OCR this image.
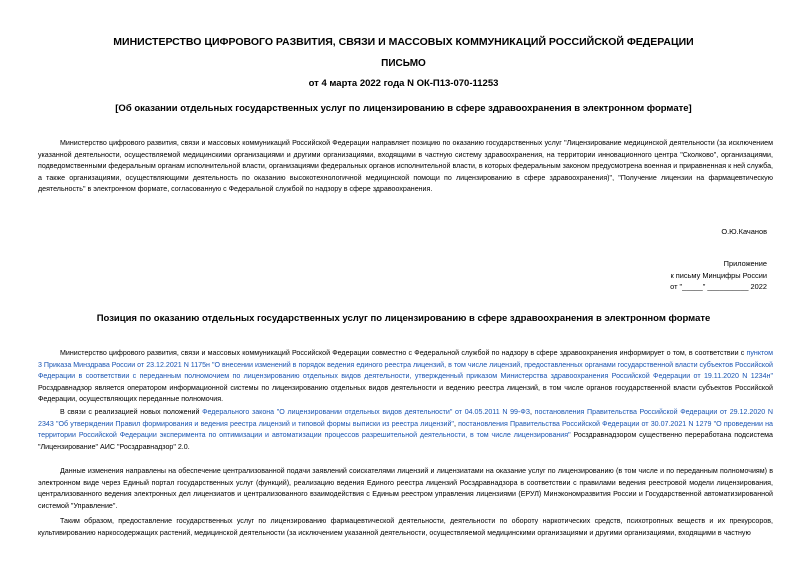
МИНИСТЕРСТВО ЦИФРОВОГО РАЗВИТИЯ, СВЯЗИ И МАССОВЫХ КОММУНИКАЦИЙ РОССИЙСКОЙ ФЕДЕРАЦИИ
ПИСЬМО
от 4 марта 2022 года N ОК-П13-070-11253
[Об оказании отдельных государственных услуг по лицензированию в сфере здравоохранения в электронном формате]
Министерство цифрового развития, связи и массовых коммуникаций Российской Федерации направляет позицию по оказанию государственных услуг "Лицензирование медицинской деятельности (за исключением указанной деятельности, осуществляемой медицинскими организациями и другими организациями, входящими в частную систему здравоохранения, на территории инновационного центра "Сколково", организациями, подведомственными федеральным органам исполнительной власти, организациями федеральных органов исполнительной власти, в которых федеральным законом предусмотрена военная и приравненная к ней служба, а также организациями, осуществляющими деятельность по оказанию высокотехнологичной медицинской помощи по лицензированию в сфере здравоохранения)", "Получение лицензии на фармацевтическую деятельность" в электронном формате, согласованную с Федеральной службой по надзору в сфере здравоохранения.
О.Ю.Качанов
Приложение
к письму Минцифры России
от "_____" __________ 2022
Позиция по оказанию отдельных государственных услуг по лицензированию в сфере здравоохранения в электронном формате
Министерство цифрового развития, связи и массовых коммуникаций Российской Федерации совместно с Федеральной службой по надзору в сфере здравоохранения информирует о том, в соответствии с пунктом 3 Приказа Минздрава России от 23.12.2021 N 1175н "О внесении изменений в порядок ведения единого реестра лицензий, в том числе лицензий, предоставленных органами государственной власти субъектов Российской Федерации в соответствии с переданным полномочием по лицензированию отдельных видов деятельности, утвержденный приказом Министерства здравоохранения Российской Федерации от 19.11.2020 N 1234н" Росздравнадзор является оператором информационной системы по лицензированию отдельных видов деятельности и ведению реестра лицензий, в том числе органов государственной власти субъектов Российской Федерации, осуществляющих переданные полномочия.
В связи с реализацией новых положений Федерального закона "О лицензировании отдельных видов деятельности" от 04.05.2011 N 99-ФЗ, постановления Правительства Российской Федерации от 29.12.2020 N 2343 "Об утверждении Правил формирования и ведения реестра лицензий и типовой формы выписки из реестра лицензий", постановления Правительства Российской Федерации от 30.07.2021 N 1279 "О проведении на территории Российской Федерации эксперимента по оптимизации и автоматизации процессов разрешительной деятельности, в том числе лицензирования" Росздравнадзором существенно переработана подсистема "Лицензирование" АИС "Росздравнадзор" 2.0.
Данные изменения направлены на обеспечение централизованной подачи заявлений соискателями лицензий и лицензиатами на оказание услуг по лицензированию (в том числе и по переданным полномочиям) в электронном виде через Единый портал государственных услуг (функций), реализацию ведения Единого реестра лицензий Росздравнадзора в соответствии с правилами ведения реестровой модели лицензирования, централизованного ведения электронных дел лицензиатов и централизованного взаимодействия с Единым реестром управления лицензиями (ЕРУЛ) Минэкономразвития России и Государственной автоматизированной системой "Управление".
Таким образом, предоставление государственных услуг по лицензированию фармацевтической деятельности, деятельности по обороту наркотических средств, психотропных веществ и их прекурсоров, культивированию наркосодержащих растений, медицинской деятельности (за исключением указанной деятельности, осуществляемой медицинскими организациями и другими организациями, входящими в частную
